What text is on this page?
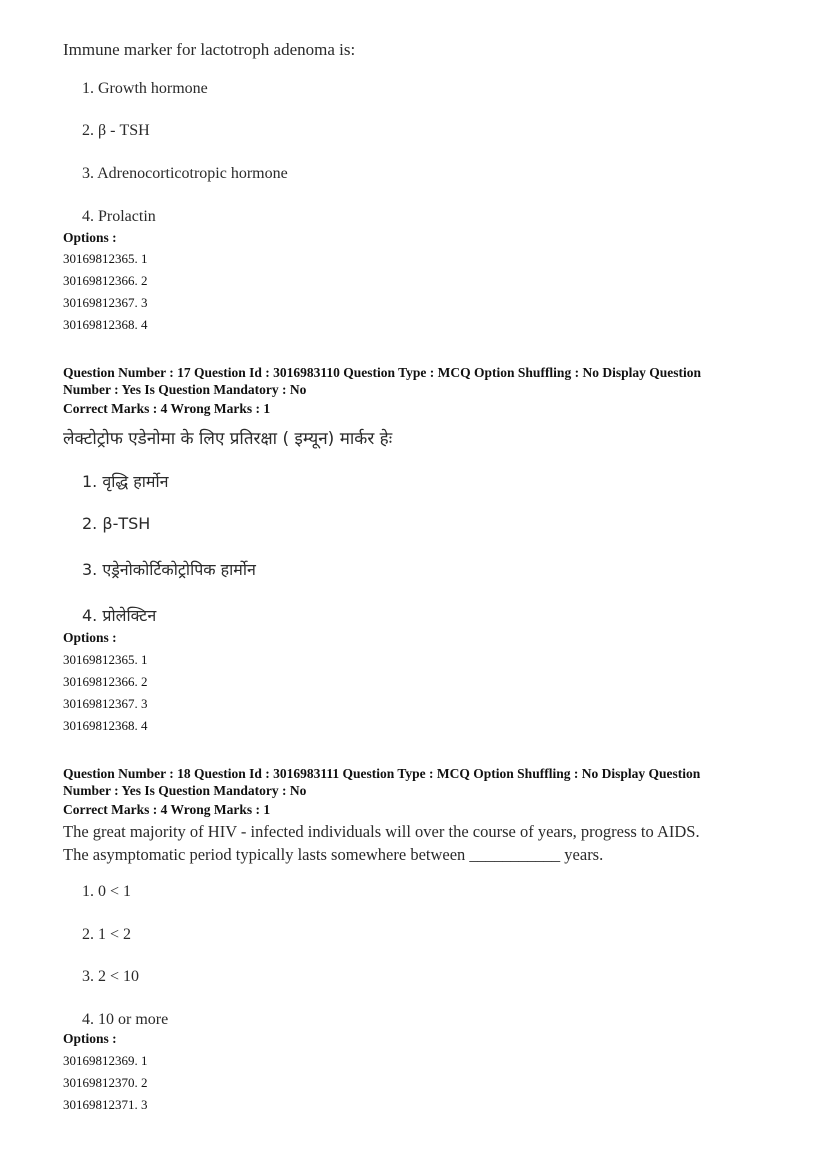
Immune marker for lactotroph adenoma is:
1. Growth hormone
2. β - TSH
3. Adrenocorticotropic hormone
4. Prolactin
Options :
30169812365. 1
30169812366. 2
30169812367. 3
30169812368. 4
Question Number : 17 Question Id : 3016983110 Question Type : MCQ Option Shuffling : No Display Question
Number : Yes Is Question Mandatory : No
Correct Marks : 4 Wrong Marks : 1
लेक्टोट्रोफ एडेनोमा के लिए प्रतिरक्षा ( इम्यून) मार्कर हेः
1. वृद्धि हार्मोन
2. β-TSH
3. एड्रेनोकोर्टिकोट्रोपिक हार्मोन
4. प्रोलेक्टिन
Options :
30169812365. 1
30169812366. 2
30169812367. 3
30169812368. 4
Question Number : 18 Question Id : 3016983111 Question Type : MCQ Option Shuffling : No Display Question
Number : Yes Is Question Mandatory : No
Correct Marks : 4 Wrong Marks : 1
The great majority of HIV - infected individuals will over the course of years, progress to AIDS.
The asymptomatic period typically lasts somewhere between ___________ years.
1. 0 < 1
2. 1 < 2
3. 2 < 10
4. 10 or more
Options :
30169812369. 1
30169812370. 2
30169812371. 3
